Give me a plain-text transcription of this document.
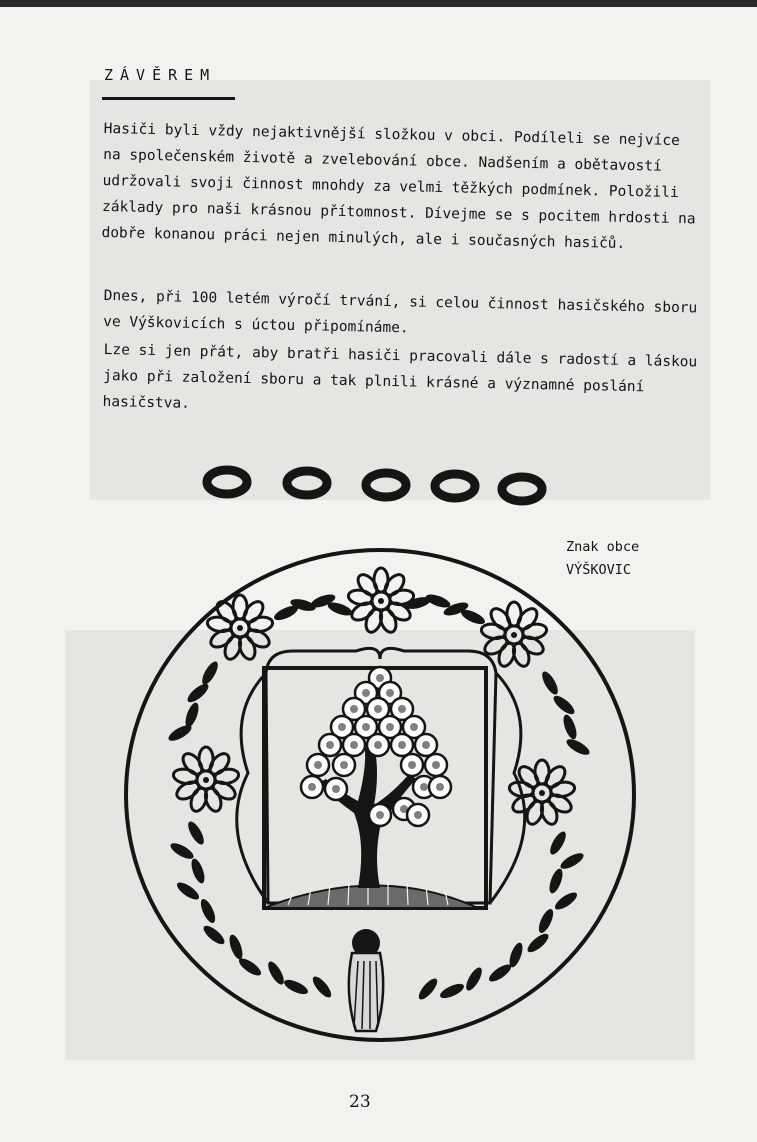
ZÁVĚREM

Hasiči byli vždy nejaktivnější složkou v obci. Podíleli se nejvíce na společenském životě a zvelebování obce. Nadšením a obětavostí udržovali svoji činnost mnohdy za velmi těžkých podmínek. Položili základy pro naši krásnou přítomnost. Dívejme se s pocitem hrdosti na dobře konanou práci nejen minulých, ale i současných hasičů.

Dnes, při 100 letém výročí trvání, si celou činnost hasičského sboru ve Výškovicích s úctou připomínáme.

Lze si jen přát, aby bratři hasiči pracovali dále s radostí a láskou jako při založení sboru a tak plnili krásné a významné poslání hasičstva.

Znak obce
VÝŠKOVIC
23
